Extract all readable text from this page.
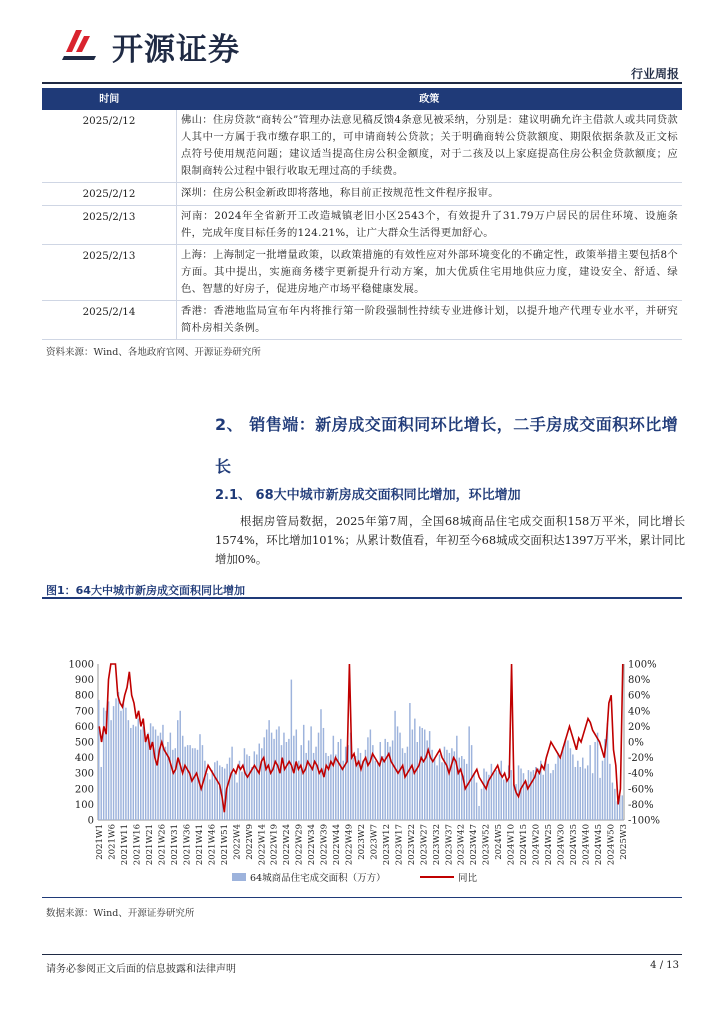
开源证券
行业周报
时间	政策
2025/2/12	佛山：住房贷款“商转公”管理办法意见稿反馈4条意见被采纳，分别是：建议明确允许主借款人或共同贷款人其中一方属于我市缴存职工的，可申请商转公贷款；关于明确商转公贷款额度、期限依据条款及正文标点符号使用规范问题；建议适当提高住房公积金额度，对于二孩及以上家庭提高住房公积金贷款额度；应限制商转公过程中银行收取无理过高的手续费。
2025/2/12	深圳：住房公积金新政即将落地，称目前正按规范性文件程序报审。
2025/2/13	河南：2024年全省新开工改造城镇老旧小区2543个，有效提升了31.79万户居民的居住环境、设施条件，完成年度目标任务的124.21%，让广大群众生活得更加舒心。
2025/2/13	上海：上海制定一批增量政策，以政策措施的有效性应对外部环境变化的不确定性，政策举措主要包括8个方面。其中提出，实施商务楼宇更新提升行动方案，加大优质住宅用地供应力度，建设安全、舒适、绿色、智慧的好房子，促进房地产市场平稳健康发展。
2025/2/14	香港：香港地监局宣布年内将推行第一阶段强制性持续专业进修计划，以提升地产代理专业水平，并研究简朴房相关条例。
资料来源：Wind、各地政府官网、开源证券研究所
2、 销售端：新房成交面积同环比增长，二手房成交面积环比增长
2.1、 68大中城市新房成交面积同比增加，环比增加
根据房管局数据，2025年第7周，全国68城商品住宅成交面积158万平米，同比增长1574%，环比增加101%；从累计数值看，年初至今68城成交面积达1397万平米，累计同比增加0%。
图1：64大中城市新房成交面积同比增加
0
100
200
300
400
500
600
700
800
900
1000	100%
80%
60%
40%
20%
0%
-20%
-40%
-60%
-80%
-100%
2021W1 2021W6 2021W11 2021W16 2021W21 2021W26 2021W31 2021W36 2021W41 2021W46 2021W51 2022W4 2022W9 2022W14 2022W19 2022W24 2022W29 2022W34 2022W39 2022W44 2022W49 2023W2 2023W7 2023W12 2023W17 2023W22 2023W27 2023W32 2023W37 2023W42 2023W47 2023W52 2024W5 2024W10 2024W15 2024W20 2024W25 2024W30 2024W35 2024W40 2024W45 2024W50 2025W3
64城商品住宅成交面积（万方）	同比
数据来源：Wind、开源证券研究所
请务必参阅正文后面的信息披露和法律声明	4 / 13
